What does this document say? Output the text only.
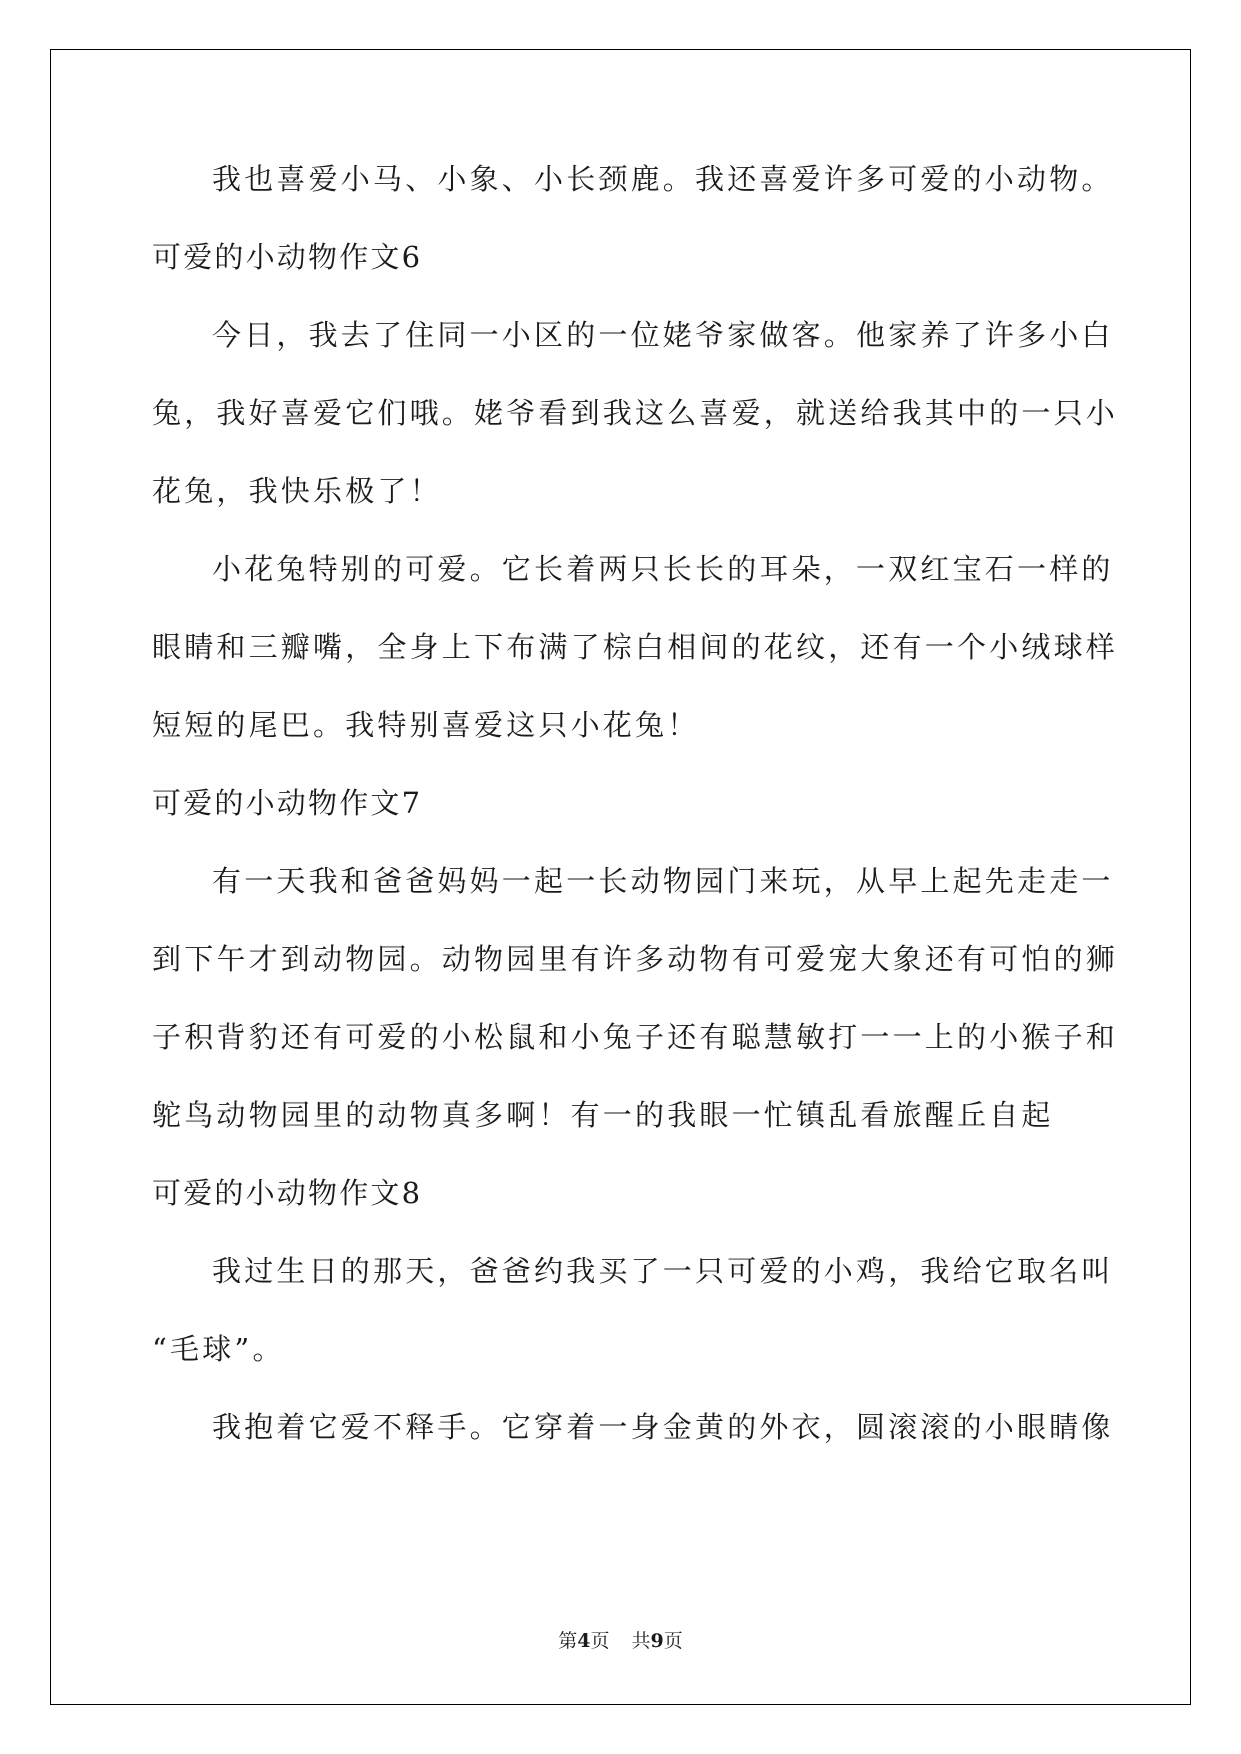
我也喜爱小马、小象、小长颈鹿。我还喜爱许多可爱的小动物。
可爱的小动物作文6
今日，我去了住同一小区的一位姥爷家做客。他家养了许多小白
兔，我好喜爱它们哦。姥爷看到我这么喜爱，就送给我其中的一只小
花兔，我快乐极了！
小花兔特别的可爱。它长着两只长长的耳朵，一双红宝石一样的
眼睛和三瓣嘴，全身上下布满了棕白相间的花纹，还有一个小绒球样
短短的尾巴。我特别喜爱这只小花兔！
可爱的小动物作文7
有一天我和爸爸妈妈一起一长动物园门来玩，从早上起先走走一
到下午才到动物园。动物园里有许多动物有可爱宠大象还有可怕的狮
子积背豹还有可爱的小松鼠和小兔子还有聪慧敏打一一上的小猴子和
鸵鸟动物园里的动物真多啊！有一的我眼一忙镇乱看旅醒丘自起
可爱的小动物作文8
我过生日的那天，爸爸约我买了一只可爱的小鸡，我给它取名叫
“毛球”。
我抱着它爱不释手。它穿着一身金黄的外衣，圆滚滚的小眼睛像
第4页 共9页
